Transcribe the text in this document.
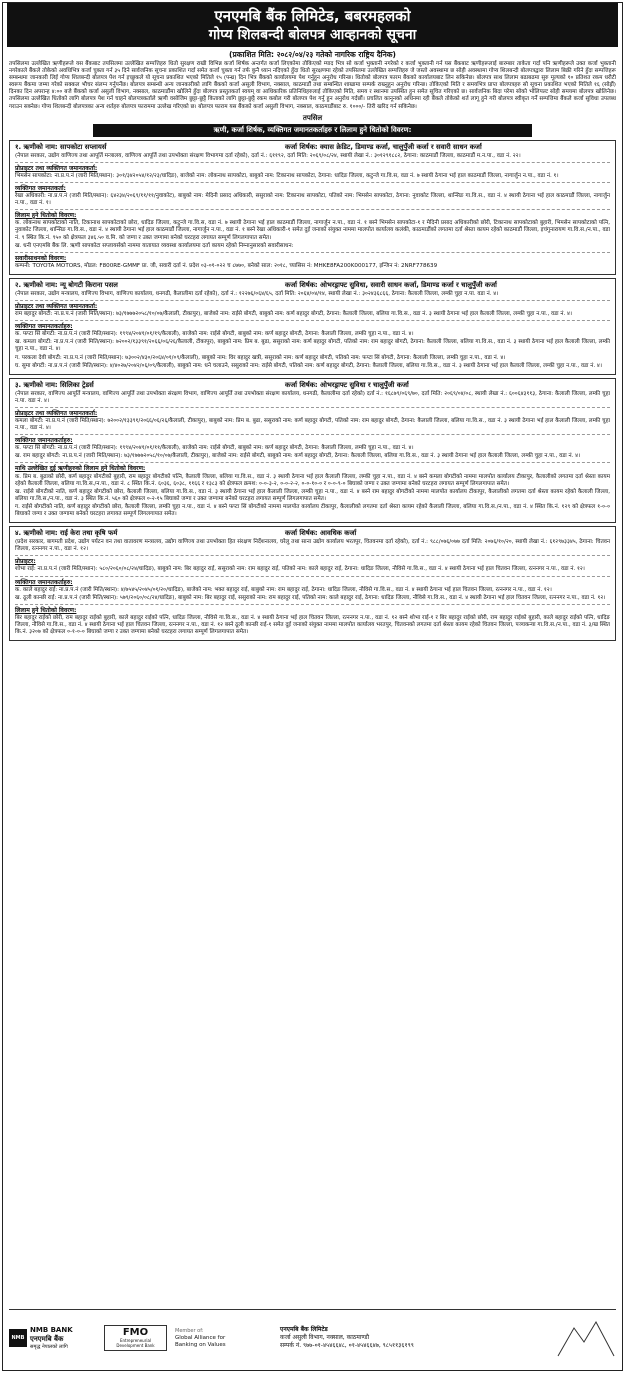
एनएमबि बैंक लिमिटेड, बबरमहलको
गोप्य शिलबन्दी बोलपत्र आव्हानको सूचना
(प्रकाशित मिति: २०८२/०४/२३ गतेको नागरिक राष्ट्रिय दैनिक)

तपसिलमा उल्लेखित ऋणीहरूले यस बैंकबाट तपसिलमा उल्लेखित सम्पत्तिहरु धितो सुरक्षण राखी विभिन्न कर्जा शिर्षक अन्तर्गत कर्जा लिएकोमा तोकिएको म्याद भित्र सो कर्जा भुक्तानी नगरेको र कर्जा भुक्तानी गर्न यस बैंकबाट ऋणीहरूलाई बारम्बार ताकेता गर्दा पनि ऋणीहरूले उक्त कर्जा भुक्तानी नगरेकाले बैंकले तोकेको अवधिभित्र कर्जा चुक्ता गर्न ३५ दिने सार्वजनिक सूचना प्रकाशित गर्दा समेत कर्जा चुक्ता गर्न तर्फ कुनै ध्यान नदिएको हुँदा धितो सुरक्षणमा रहेको तपसिलमा उल्लेखित सम्पत्तिहरु जे जस्तो अवस्थामा छ सोही अवस्थामा गोप्य शिलबन्दी बोलपत्रद्वारा लिलाम बिक्री गरिने हुँदा सम्पत्तिहरू सम्बन्धमा जानकारी लिई गोप्य शिलबन्दी बोलपत्र पेश गर्न इच्छुकले यो सूचना प्रकाशित भएको मितिले १५ (पन्ध्र) दिन भित्र बैंकको कार्यालयमा पेश गर्नुहुन अनुरोध गरिन्छ। धितोको बोलपत्र फारम बैंकको कार्यालयबाट लिन सकिनेछ। बोलपत्र साथ लिलाम बढाबढमा सुरु मूल्यको १० प्रतिशत रकम धरौटी स्वरूप बैंकमा जम्मा गरेको सक्कल भौचर संलग्न गर्नुपर्नेछ। बोलपत्र सम्बन्धी अन्य जानकारीको लागि बैंकको कर्जा असुली विभाग, नक्साल, काठमाडौं तथा सम्बन्धित शाखामा सम्पर्क राख्नुहुन अनुरोध गरिन्छ। तोकिएको मिति र समयभित्र प्राप्त बोलपत्रहरु सो सूचना प्रकाशित भएको मितिले १६ (सोह्रौं) दिनका दिन अपरान्ह ४:०० बजे बैंकको कर्जा असुली विभाग, नक्साल, काठमाडौंमा खोलिने हुँदा बोलपत्र प्रस्तुतकर्ता स्वयम् वा आधिकारिक प्रतिनिधिहरुलाई तोकिएको मिति, समय र स्थानमा उपस्थित हुन समेत सूचित गरिएको छ। सार्वजनिक बिदा परेमा सोको भोलिपल्ट सोही समयमा बोलपत्र खोलिनेछ। तपसिलमा उल्लेखित धितोको लागि बोलपत्र पेश गर्न चाहने बोलपत्रकर्ताले ऋणी वसोजिम छुट्टा-छुट्टै किताको लागि छुट्टा-छुट्टै रकम कबोल गरी बोलपत्र पेश गर्नु हुन अनुरोध गर्दछौं। प्रचलित कानूनको अधिनमा रही बैंकले तोकेको शर्त लागू हुने गरी बोलपत्र स्वीकृत गर्ने सम्पत्तिमा बैंकले कर्जा सुविधा उपलब्ध गराउन सक्नेछ। गोप्य शिलबन्दी बोलपत्रका अन्य शर्तहरु बोलपत्र फाराममा उल्लेख गरिएको छ। बोलपत्र फाराम यस बैंकको कर्जा असुली विभाग, नक्साल, काठमाडौंबाट रु. १०००/- तिरी खरिद गर्न सकिनेछ।

तपसिल
ऋणी, कर्जा शिर्षक, व्यक्तिगत जमानतकर्ताहरु र लिलाम हुने धितोको विवरण:
१. ऋणीको नाम: सापकोटा सप्लायर्स	कर्जा शिर्षक: क्यास क्रेडिट, डिमाण्ड कर्जा, चालुपुँजी कर्जा र सवारी साधन कर्जा
(नेपाल सरकार, उद्योग वाणिज्य तथा आपूर्ति मन्त्रालय, वाणिज्य आपूर्ति तथा उपभोक्ता संरक्षण विभागमा दर्ता रहेको), दर्ता नं.: ६११९२, दर्ता मिति: २०६९/०८/२४, स्थायी लेखा नं.: ३०१२९१८८२, ठेगाना: काठमाडौं जिल्ला, काठमाडौं म.न.पा., वडा नं. २२।
प्रोप्राइटर तथा व्यक्तिगत जमानतकर्ता:
भिमसेन सापकोटा: ना.प्र.प.नं (जारी मिति/स्थान): ३०१/३४२०५४/१२/२३/धादिङ), बाजेको नाम: लोकनाथ सापकोटा, बाबुको नाम: टिकानाथ सापकोटा, ठेगाना: धादिङ जिल्ला, कटुन्जे गा.वि.स, वडा नं. ७ स्थायी ठेगाना भई हाल काठमाडौं जिल्ला, नागार्जुन न.पा., वडा नं. १।
व्यक्तिगत जमानतकर्ता:
रेखा अधिकारी: ना.प्र.प.नं (जारी मिति/स्थान): ६४२३४/२०६९/११/११/नुवाकोट), बाबुको नाम: मेदिनी प्रसाद अधिकारी, ससुराको नाम: टिकानाथ सापकोटा, पतिको नाम: भिमसेन सापकोटा, ठेगाना: नुवाकोट जिल्ला, थान्सिङ गा.वि.स., वडा नं. ४ स्थायी ठेगाना भई हाल काठमाडौं जिल्ला, नागार्जुन न.पा., वडा नं. १।
लिलाम हुने धितोको विवरण:
क. लोकनाथ सापकोटाको नाति, टिकानाथ सापकोटाको छोरा, धादिङ जिल्ला, कटुन्जे गा.वि.स, वडा नं. ७ स्थायी ठेगाना भई हाल काठमाडौं जिल्ला, नागार्जुन न.पा., वडा नं. १ बस्ने भिमसेन सापकोटा-१ र मेदिनी प्रसाद अधिकारीको छोरी, टिकानाथ सापकोटाको बुहारी, भिमसेन सापकोटाको पत्नि, नुवाकोट जिल्ला, थान्सिङ गा.वि.स., वडा नं. ४ स्थायी ठेगाना भई हाल काठमाडौं जिल्ला, नागार्जुन न.पा., वडा नं. १ बस्ने रेखा अधिकारी-१ समेत दुई जनाको संयुक्त नाममा मालपोत कार्यालय कलंकी, काठमाडौंको लगतमा दर्ता श्रेस्ता कायम रहेको काठमाडौं जिल्ला, इचंगुनारायण गा.वि.स./न.पा., वडा नं. ९ स्थित कि.नं. ९५० को क्षेत्रफल ३४६.५० व.मि. को जग्गा र उक्त जग्गामा बनेको घरटहरा लगायत सम्पूर्ण लिगलगापात समेत।
ख. धनी एनएमबि बैंक लि. ऋणी सापकोटा सप्लायर्सको नाममा यातायात व्यवस्था कार्यालयमा दर्ता कायम रहेको निम्नानुसारको सवारीसाधन:
सवारीसाधनको विवरण:
कम्पनी: TOYOTA MOTORS, मोडल: F800RE-GMMF प्रा. जी, सवारी दर्ता नं. प्रदेश ०३-०१-०२२ च ८७७०, बनेको साल: २०१८, च्यासिस नं: MHKE8FA200K000177, इन्जिन नं: 2NRF778639
२. ऋणीको नाम: न्यू बोगटी किराना पसल	कर्जा शिर्षक: ओभरड्राफ्ट सुविधा, सवारी साधन कर्जा, डिमाण्ड कर्जा र चालुपुँजी कर्जा
(नेपाल सरकार, उद्योग मन्त्रालय, वाणिज्य विभाग, वाणिज्य कार्यालय, धनगढी, कैलालीमा दर्ता रहेको), दर्ता नं.: १२२७६/०६४/६५, दर्ता मिति: २०६४/०४/१४, स्थायी लेखा नं.: ३०२४३६८६६, ठेगाना: कैलाली जिल्ला, लम्की चुहा न.पा. वडा नं. ४।
प्रोप्राइटर तथा व्यक्तिगत जमानतकर्ता:
राम बहादुर बोगटी: ना.प्र.प.नं (जारी मिति/स्थान): ७३/१७७७२०५८/१०/०७/कैलाली, टीकापुर), बाजेको नाम: राईसे बोगटी, बाबुको नाम: कर्ण बहादुर बोगटी, ठेगाना: कैलाली जिल्ला, बलिया गा.वि.स., वडा नं. ३ स्थायी ठेगाना भई हाल कैलाली जिल्ला, लम्की चुहा न.पा., वडा नं. ४।
व्यक्तिगत जमानतकर्ताहरु:
क. फप्टा सिं बोगटी: ना.प्र.प.नं (जारी मिति/स्थान): १९९४/२०४१/०१/१९/कैलाली), बाजेको नाम: राईसे बोगटी, बाबुको नाम: कर्ण बहादुर बोगटी, ठेगाना: कैलाली जिल्ला, लम्की चुहा न.पा., वडा नं. ४।
ख. कमला बोगटी: ना.प्र.प.नं (जारी मिति/स्थान): ७२००२/१३३९१/२०६६/०६/२६/कैलाली, टीकापुर), बाबुको नाम: प्रिम ब. बुढा, ससुराको नाम: कर्ण बहादुर बोगटी, पतिको नाम: राम बहादुर बोगटी, ठेगाना: कैलाली जिल्ला, बलिया गा.वि.स., वडा नं. ३ स्थायी ठेगाना भई हाल कैलाली जिल्ला, लम्की चुहा न.पा., वडा नं. ४।
ग. परकला देवी बोगटी: ना.प्र.प.नं (जारी मिति/स्थान): ७३००२/४३०/२०६४/०१/०९/कैलाली), बाबुको नाम: विर बहादुर खत्री, ससुराको नाम: कर्ण बहादुर बोगटी, पतिको नाम: फप्टा सिं बोगटी, ठेगाना: कैलाली जिल्ला, लम्की चुहा न.पा., वडा नं. ४।
घ. सुमा बोगटी: ना.प्र.प.नं (जारी मिति/स्थान): ४/४०२७/२०४२/०६/०९/कैलाली), बाबुको नाम: धने चलाउने, ससुराको नाम: राईसे बोगटी, पतिको नाम: कर्ण बहादुर बोगटी, ठेगाना: कैलाली जिल्ला, बलिया गा.वि.स., वडा नं. ३ स्थायी ठेगाना भई हाल कैलाली जिल्ला, लम्की चुहा न.पा., वडा नं. ४।
३. ऋणीको नाम: सिलिका ट्रेडर्स	कर्जा शिर्षक: ओभरड्राफ्ट सुविधा र चालुपुँजी कर्जा
(नेपाल सरकार, वाणिज्य आपूर्ति मन्त्रालय, वाणिज्य आपूर्ति तथा उपभोक्ता संरक्षण विभाग, वाणिज्य आपूर्ति तथा उपभोक्ता संरक्षण कार्यालय, धनगढी, कैलालीमा दर्ता रहेको) दर्ता नं.: १६८७९/०६९/७०, दर्ता मिति: २०६९/०४/०८, स्थायी लेखा नं.: ६००६४३११३, ठेगाना: कैलाली जिल्ला, लम्की चुहा न.पा. वडा नं. ४।
प्रोप्राइटर तथा व्यक्तिगत जमानतकर्ता:
कमला बोगटी: ना.प्र.प.नं (जारी मिति/स्थान): ७२००२/१३३९१/२०६६/०६/२६/कैलाली, टीकापुर), बाबुको नाम: प्रिम ब. बुढा, ससुराको नाम: कर्ण बहादुर बोगटी, पतिको नाम: राम बहादुर बोगटी, ठेगाना: कैलाली जिल्ला, बलिया गा.वि.स., वडा नं. ३ स्थायी ठेगाना भई हाल कैलाली जिल्ला, लम्की चुहा न.पा., वडा नं. ४।
व्यक्तिगत जमानतकर्ताहरु:
क. फप्टा सिं बोगटी: ना.प्र.प.नं (जारी मिति/स्थान): १९९४/२०४१/०१/११/कैलाली), बाजेको नाम: राईसे बोगटी, बाबुको नाम: कर्ण बहादुर बोगटी, ठेगाना: कैलाली जिल्ला, लम्की चुहा न.पा., वडा नं. ४।
ख. राम बहादुर बोगटी: ना.प्र.प.नं (जारी मिति/स्थान): ७३/१७७७२०५८/१०/०७/कैलाली, टीकापुर), बाजेको नाम: राईसे बोगटी, बाबुको नाम: कर्ण बहादुर बोगटी, ठेगाना: कैलाली जिल्ला, बलिया गा.वि.स., वडा नं. ३ स्थायी ठेगाना भई हाल कैलाली जिल्ला, लम्की चुहा न.पा., वडा नं. ४।
माथि उल्लेखित दुई ऋणीहरुको लिलाम हुने धितोको विवरण:
क. प्रिम ब. बुढाको छोरी, कर्ण बहादुर बोगटीको बुहारी, राम बहादुर बोगटीको पत्नि, कैलाली जिल्ला, बलिया गा.वि.स., वडा नं. ३ स्थायी ठेगाना भई हाल कैलाली जिल्ला, लम्की चुहा न.पा., वडा नं. ४ बस्ने कमला बोगटीको नाममा मालपोत कार्यालय टीकापुर, कैलालीको लगतमा दर्ता श्रेस्ता कायम रहेको कैलाली जिल्ला, बलिया गा.वि.स./न.पा., वडा नं. ८ स्थित कि.नं. ६०३६, ६०३८, ११६६ र १३८३ को क्षेत्रफल क्रमश: ०-०-३-२, ०-०-२-२, ०-०-१०-० र ०-०-९-० बिघाको जग्गा र उक्त जग्गामा बनेको घरटहरा लगायत सम्पूर्ण लिगलगापात समेत।
ख. राईसे बोगटीको नाति, कर्ण बहादुर बोगटीको छोरा, कैलाली जिल्ला, बलिया गा.वि.स., वडा नं. ३ स्थायी ठेगाना भई हाल कैलाली जिल्ला, लम्की चुहा न.पा., वडा नं. ४ बस्ने राम बहादुर बोगटीको नाममा मालपोत कार्यालय टीकापुर, कैलालीको लगतमा दर्ता श्रेस्ता कायम रहेको कैलाली जिल्ला, बलिया गा.वि.स./न.पा., वडा नं. ३ स्थित कि.नं. ५६० को क्षेत्रफल ०-२-१५ बिघाको जग्गा र उक्त जग्गामा बनेको घरटहरा लगायत सम्पूर्ण लिगलगापात समेत।
ग. राईसे बोगटीको नाति, कर्ण बहादुर बोगटीको छोरा, कैलाली जिल्ला, लम्की चुहा न.पा., वडा नं. ४ बस्ने फप्टा सिं बोगटीको नाममा मालपोत कार्यालय टीकापुर, कैलालीको लगतमा दर्ता श्रेस्ता कायम रहेको कैलाली जिल्ला, बलिया गा.वि.स./न.पा., वडा नं. ४ स्थित कि.नं. १२९ को क्षेत्रफल १-०-० बिघाको जग्गा र उक्त जग्गामा बनेको घरटहरा लगायत सम्पूर्ण लिगलगापात समेत।
४. ऋणीको नाम: राई केरा तथा कृषि फर्म	कर्जा शिर्षक: आवधिक कर्जा
(प्रदेश सरकार, बागमती प्रदेश, उद्योग पर्यटन वन तथा वातावरण मन्त्रालय, उद्योग वाणिज्य तथा उपभोक्ता हित संरक्षण निर्देशनालय, घरेलु तथा साना उद्योग कार्यालय भरतपुर, चितवनमा दर्ता रहेको), दर्ता नं.: ९८८/०७६/०७७ दर्ता मिति: २०७६/१०/२०, स्थायी लेखा नं.: ६१२९७३३४५, ठेगाना: चितवन जिल्ला, रत्ननगर न.पा., वडा नं. १२।
प्रोप्राइटर:
शोभा राई: ना.प्र.प.नं (जारी मिति/स्थान): ५८०/२०६०/०८/२४/धादिङ), बाबुको नाम: बिर बहादुर राई, ससुराको नाम: राम बहादुर राई, पतिको नाम: काले बहादुर राई, ठेगाना: धादिङ जिल्ला, नौविसे गा.वि.स., वडा नं. ४ स्थायी ठेगाना भई हाल चितवन जिल्ला, रत्ननगर न.पा., वडा नं. १२।
व्यक्तिगत जमानतकर्ताहरु:
क. काले बहादुर राई: ना.प्र.प.नं (जारी मिति/स्थान): ४/७५४५/२०४५/०१/२०/धादिङ), बाजेको नाम: भक्त बहादुर राई, बाबुको नाम: राम बहादुर राई, ठेगाना: धादिङ जिल्ला, नौविसे गा.वि.स., वडा नं. ४ स्थायी ठेगाना भई हाल चितवन जिल्ला, रत्ननगर न.पा., वडा नं. १२।
ख. ठूली कान्छी राई: ना.प्र.प.नं (जारी मिति/स्थान): ५७९/२०६०/०८/२४/धादिङ), बाबुको नाम: बिर बहादुर राई, ससुराको नाम: राम बहादुर राई, पतिको नाम: काले बहादुर राई, ठेगाना: धादिङ जिल्ला, नौविसे गा.वि.स., वडा नं. ४ स्थायी ठेगाना भई हाल चितवन जिल्ला, रत्ननगर न.पा., वडा नं. १२।
लिलाम हुने धितोको विवरण:
बिर बहादुर राईको छोरी, राम बहादुर राईको बुहारी, काले बहादुर राईको पत्नि, धादिङ जिल्ला, नौविसे गा.वि.स., वडा नं. ४ स्थायी ठेगाना भई हाल चितवन जिल्ला, रत्ननगर न.पा., वडा नं. १२ बस्ने शोभा राई-१ र बिर बहादुर राईको छोरी, राम बहादुर राईको बुहारी, काले बहादुर राईको पत्नि, धादिङ जिल्ला, नौविसे गा.वि.स., वडा नं. ४ स्थायी ठेगाना भई हाल चितवन जिल्ला, रत्ननगर न.पा., वडा नं. १२ बस्ने ठूली कान्छी राई-१ समेत दुई जनाको संयुक्त नाममा मालपोत कार्यालय भरतपुर, चितवनको लगतमा दर्ता श्रेस्ता कायम रहेको चितवन जिल्ला, पञ्चकन्या गा.वि.स./न.पा., वडा नं. ३/ख स्थित कि.नं. ३२०७ को क्षेत्रफल ०-१-०-० बिघाको जग्गा र उक्त जग्गामा बनेको घरटहरा लगायत सम्पूर्ण लिगलगापात समेत।
NMB
NMB BANK
एनएमबि बैंक
समृद्ध नेपालको लागि
FMO
Entrepreneurial Development Bank
Member of:
Global Alliance for
Banking on Values
एनएमबि बैंक लिमिटेड
कर्जा असुली विभाग, नक्साल, काठमाण्डौ
सम्पर्क नं. ९७७-०१-४५४६६४८, ०१-४५४६६४७, ९८५११३६१९९
